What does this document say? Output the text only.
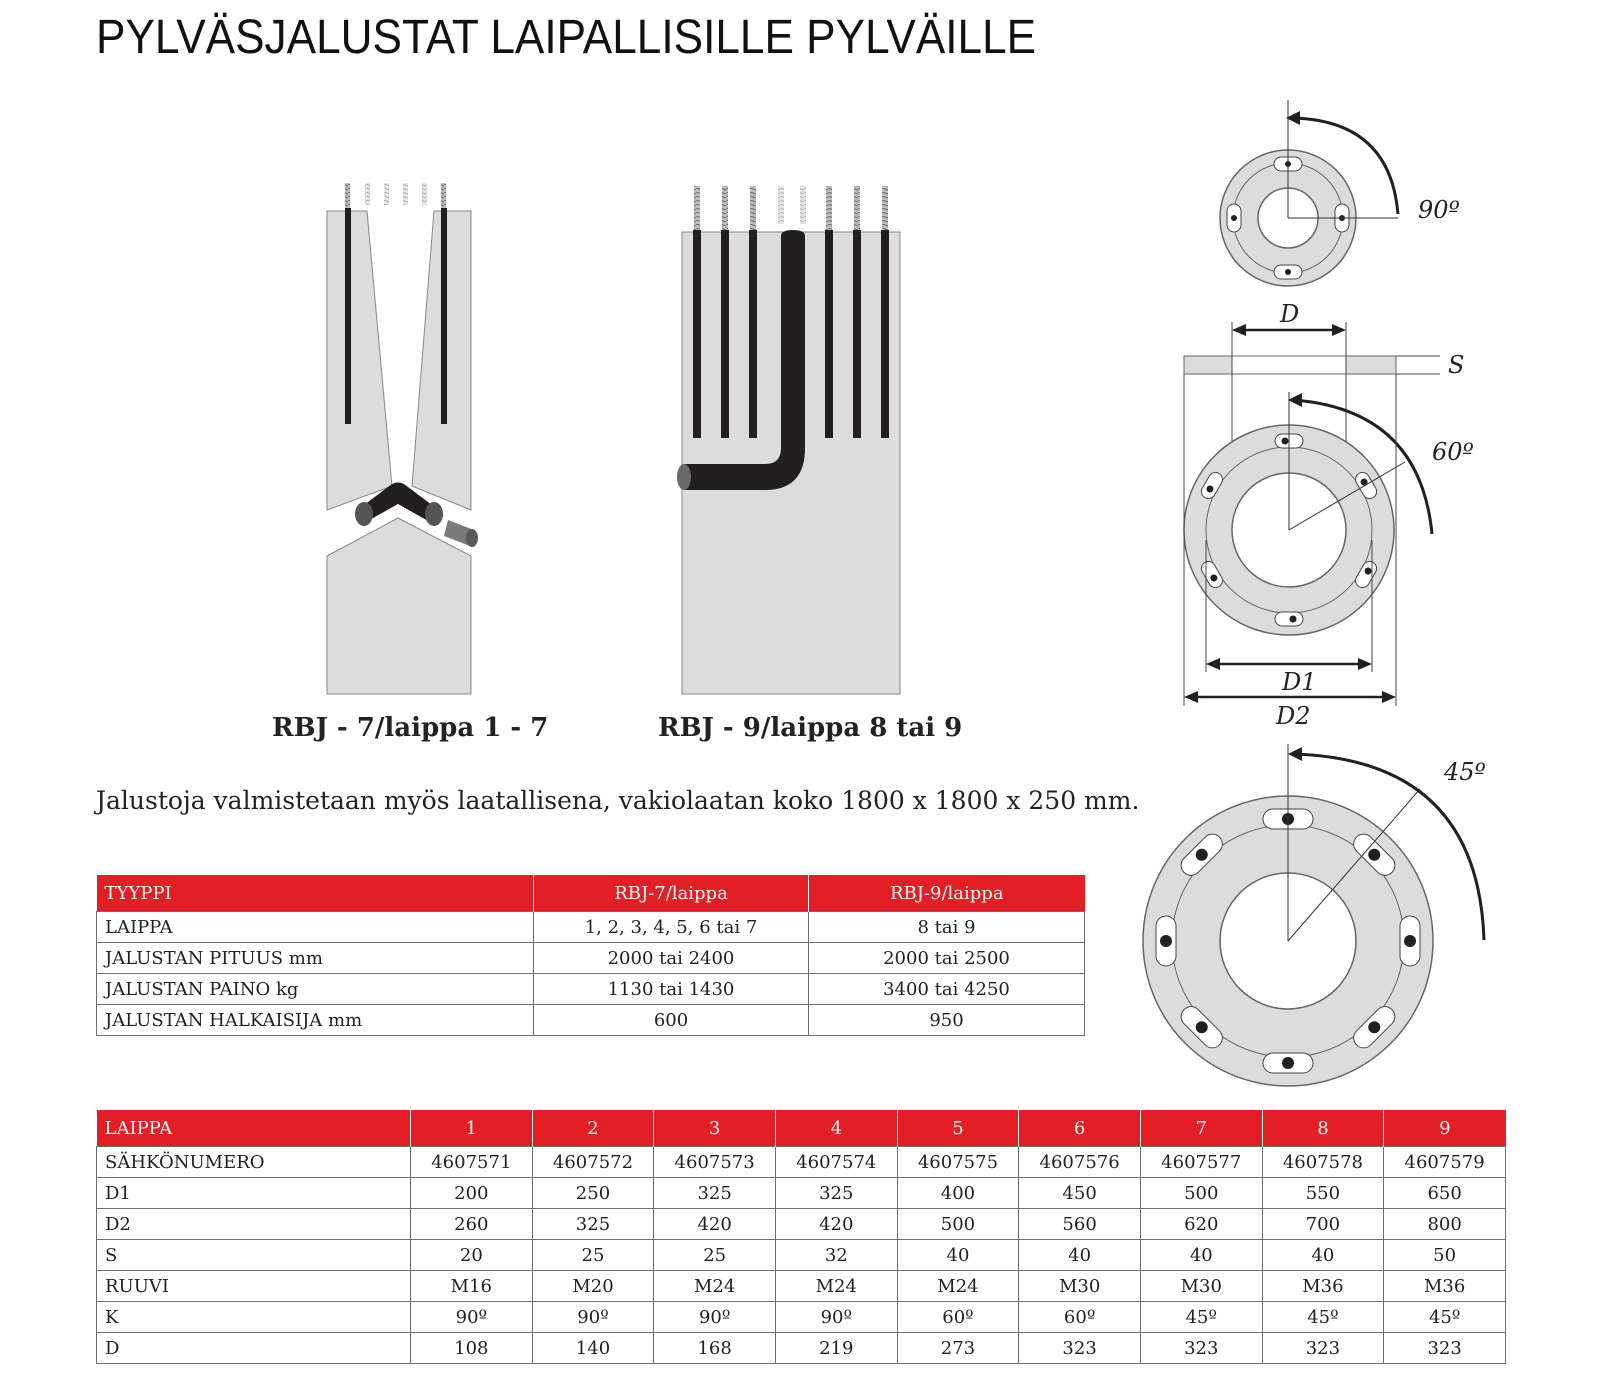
PYLVÄSJALUSTAT LAIPALLISILLE PYLVÄILLE
90º
D
S
60º
D1
D2
45º
RBJ - 7/laippa 1 - 7	RBJ - 9/laippa 8 tai 9
Jalustoja valmistetaan myös laatallisena, vakiolaatan koko 1800 x 1800 x 250 mm.
TYYPPI	RBJ-7/laippa	RBJ-9/laippa
LAIPPA	1, 2, 3, 4, 5, 6 tai 7	8 tai 9
JALUSTAN PITUUS mm	2000 tai 2400	2000 tai 2500
JALUSTAN PAINO kg	1130 tai 1430	3400 tai 4250
JALUSTAN HALKAISIJA mm	600	950
LAIPPA	1	2	3	4	5	6	7	8	9
SÄHKÖNUMERO	4607571	4607572	4607573	4607574	4607575	4607576	4607577	4607578	4607579
D1	200	250	325	325	400	450	500	550	650
D2	260	325	420	420	500	560	620	700	800
S	20	25	25	32	40	40	40	40	50
RUUVI	M16	M20	M24	M24	M24	M30	M30	M36	M36
K	90º	90º	90º	90º	60º	60º	45º	45º	45º
D	108	140	168	219	273	323	323	323	323
